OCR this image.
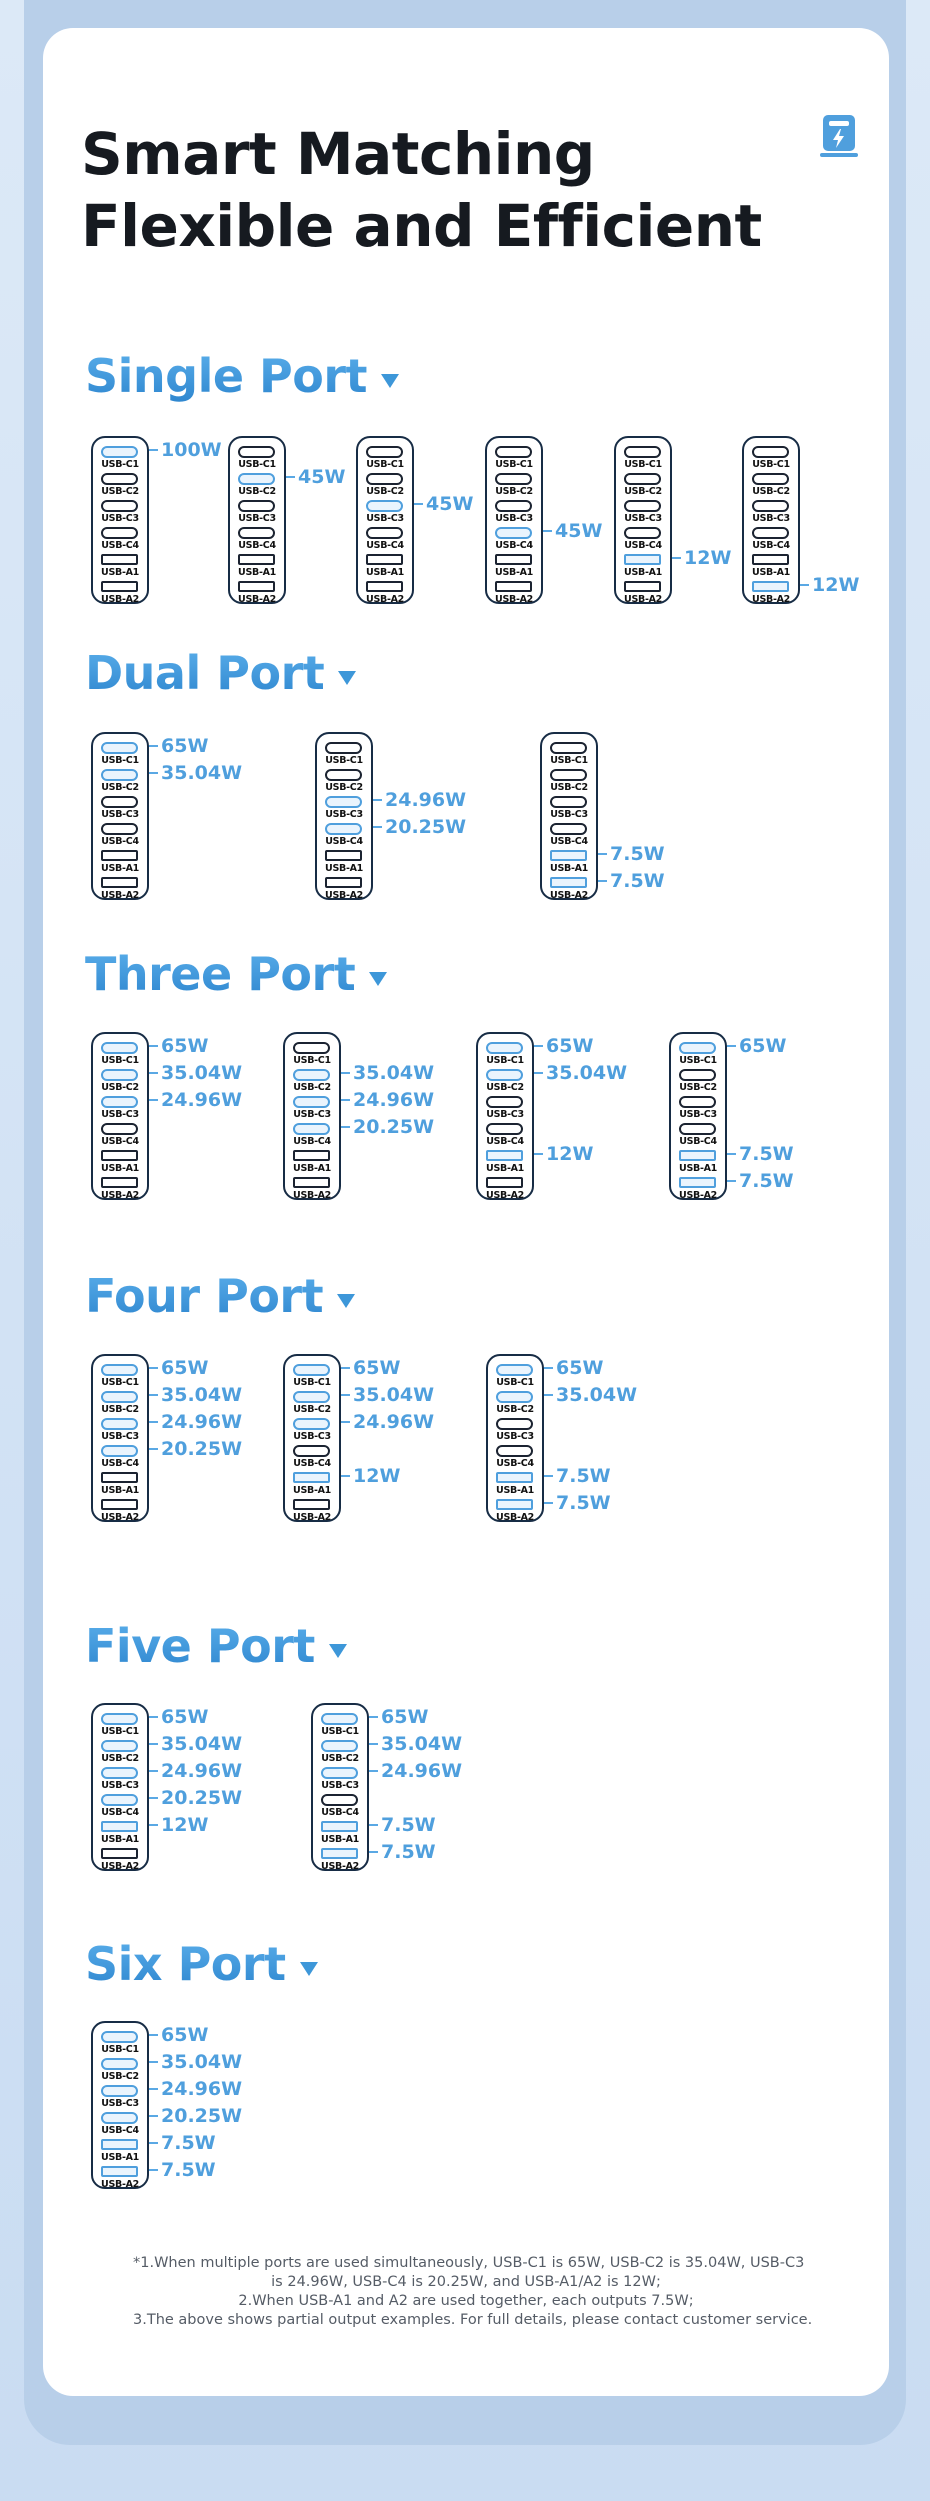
Smart Matching
Flexible and Efficient
Single Port
USB-C1
USB-C2
USB-C3
USB-C4
USB-A1
USB-A2
100W
USB-C1
USB-C2
USB-C3
USB-C4
USB-A1
USB-A2
45W
USB-C1
USB-C2
USB-C3
USB-C4
USB-A1
USB-A2
45W
USB-C1
USB-C2
USB-C3
USB-C4
USB-A1
USB-A2
45W
USB-C1
USB-C2
USB-C3
USB-C4
USB-A1
USB-A2
12W
USB-C1
USB-C2
USB-C3
USB-C4
USB-A1
USB-A2
12W
Dual Port
USB-C1
USB-C2
USB-C3
USB-C4
USB-A1
USB-A2
65W
35.04W
USB-C1
USB-C2
USB-C3
USB-C4
USB-A1
USB-A2
24.96W
20.25W
USB-C1
USB-C2
USB-C3
USB-C4
USB-A1
USB-A2
7.5W
7.5W
Three Port
USB-C1
USB-C2
USB-C3
USB-C4
USB-A1
USB-A2
65W
35.04W
24.96W
USB-C1
USB-C2
USB-C3
USB-C4
USB-A1
USB-A2
35.04W
24.96W
20.25W
USB-C1
USB-C2
USB-C3
USB-C4
USB-A1
USB-A2
65W
35.04W
12W
USB-C1
USB-C2
USB-C3
USB-C4
USB-A1
USB-A2
65W
7.5W
7.5W
Four Port
USB-C1
USB-C2
USB-C3
USB-C4
USB-A1
USB-A2
65W
35.04W
24.96W
20.25W
USB-C1
USB-C2
USB-C3
USB-C4
USB-A1
USB-A2
65W
35.04W
24.96W
12W
USB-C1
USB-C2
USB-C3
USB-C4
USB-A1
USB-A2
65W
35.04W
7.5W
7.5W
Five Port
USB-C1
USB-C2
USB-C3
USB-C4
USB-A1
USB-A2
65W
35.04W
24.96W
20.25W
12W
USB-C1
USB-C2
USB-C3
USB-C4
USB-A1
USB-A2
65W
35.04W
24.96W
7.5W
7.5W
Six Port
USB-C1
USB-C2
USB-C3
USB-C4
USB-A1
USB-A2
65W
35.04W
24.96W
20.25W
7.5W
7.5W
*1.When multiple ports are used simultaneously, USB-C1 is 65W, USB-C2 is 35.04W, USB-C3
is 24.96W, USB-C4 is 20.25W, and USB-A1/A2 is 12W;
2.When USB-A1 and A2 are used together, each outputs 7.5W;
3.The above shows partial output examples. For full details, please contact customer service.
